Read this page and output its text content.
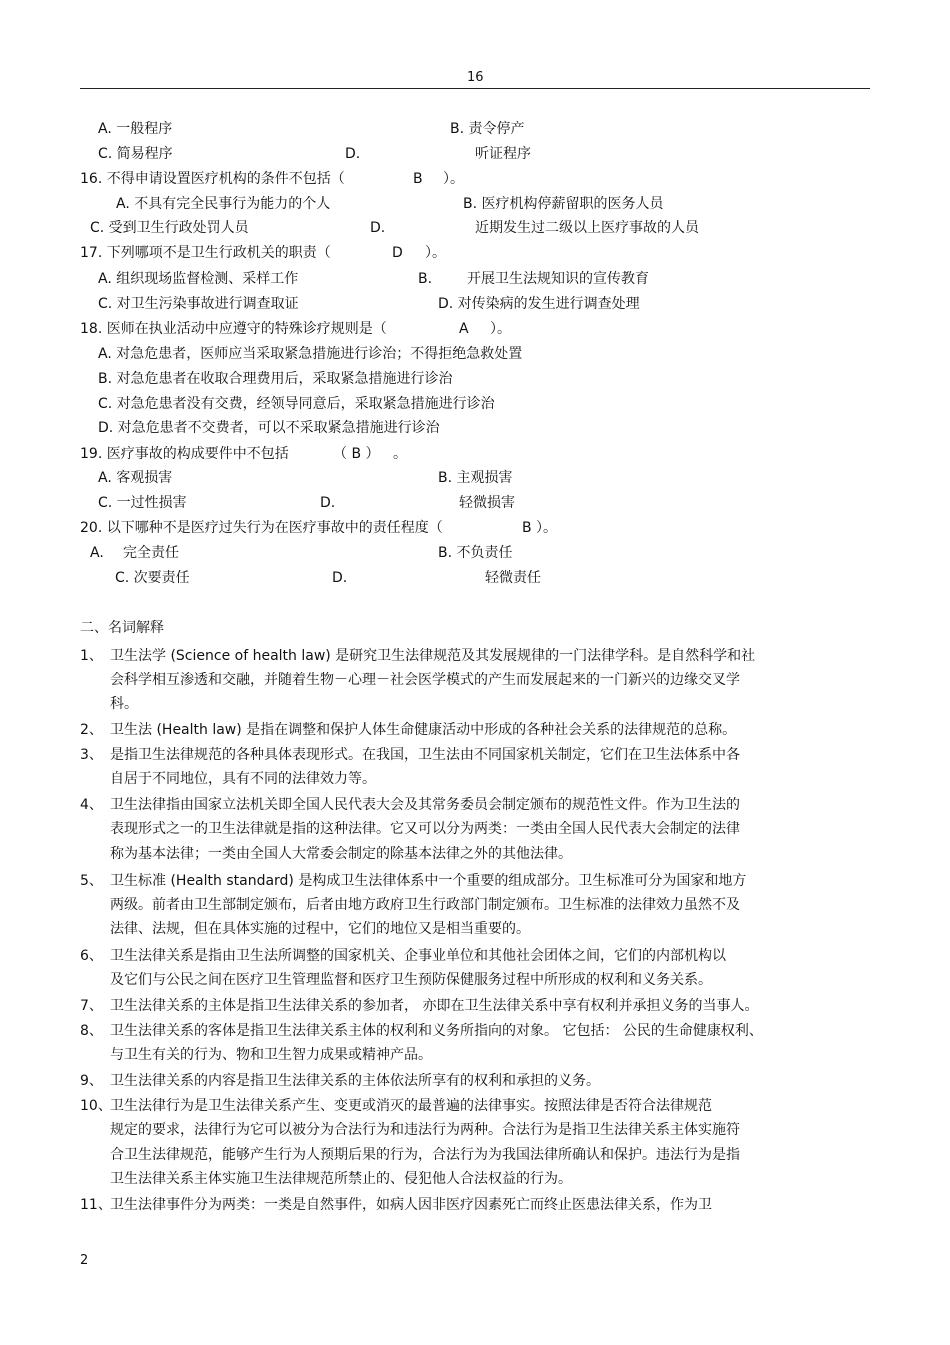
16
A. 一般程序	B. 责令停产
C. 简易程序	D.	听证程序
16. 不得申请设置医疗机构的条件不包括（	B ）。
A. 不具有完全民事行为能力的个人	B. 医疗机构停薪留职的医务人员
C. 受到卫生行政处罚人员	D.	近期发生过二级以上医疗事故的人员
17. 下列哪项不是卫生行政机关的职责（	D ）。
A. 组织现场监督检测、采样工作	B. 开展卫生法规知识的宣传教育
C. 对卫生污染事故进行调查取证	D. 对传染病的发生进行调查处理
18. 医师在执业活动中应遵守的特殊诊疗规则是（	A ）。
A. 对急危患者，医师应当采取紧急措施进行诊治；不得拒绝急救处置
B. 对急危患者在收取合理费用后，采取紧急措施进行诊治
C. 对急危患者没有交费，经领导同意后，采取紧急措施进行诊治
D. 对急危患者不交费者，可以不采取紧急措施进行诊治
19. 医疗事故的构成要件中不包括	（ B ） 。
A. 客观损害	B. 主观损害
C. 一过性损害	D.	轻微损害
20. 以下哪种不是医疗过失行为在医疗事故中的责任程度（	B ）。
A. 完全责任	B. 不负责任
C. 次要责任	D.	轻微责任
二、名词解释
1、 卫生法学 (Science of health law) 是研究卫生法律规范及其发展规律的一门法律学科。是自然科学和社
会科学相互渗透和交融，并随着生物－心理－社会医学模式的产生而发展起来的一门新兴的边缘交叉学
科。
2、 卫生法 (Health law) 是指在调整和保护人体生命健康活动中形成的各种社会关系的法律规范的总称。
3、 是指卫生法律规范的各种具体表现形式。在我国，卫生法由不同国家机关制定，它们在卫生法体系中各
自居于不同地位，具有不同的法律效力等。
4、 卫生法律指由国家立法机关即全国人民代表大会及其常务委员会制定颁布的规范性文件。作为卫生法的
表现形式之一的卫生法律就是指的这种法律。它又可以分为两类：一类由全国人民代表大会制定的法律
称为基本法律；一类由全国人大常委会制定的除基本法律之外的其他法律。
5、 卫生标准 (Health standard) 是构成卫生法律体系中一个重要的组成部分。卫生标准可分为国家和地方
两级。前者由卫生部制定颁布，后者由地方政府卫生行政部门制定颁布。卫生标准的法律效力虽然不及
法律、法规，但在具体实施的过程中，它们的地位又是相当重要的。
6、 卫生法律关系是指由卫生法所调整的国家机关、企事业单位和其他社会团体之间，它们的内部机构以
及它们与公民之间在医疗卫生管理监督和医疗卫生预防保健服务过程中所形成的权利和义务关系。
7、 卫生法律关系的主体是指卫生法律关系的参加者， 亦即在卫生法律关系中享有权利并承担义务的当事人。
8、 卫生法律关系的客体是指卫生法律关系主体的权利和义务所指向的对象。 它包括： 公民的生命健康权利、
与卫生有关的行为、物和卫生智力成果或精神产品。
9、 卫生法律关系的内容是指卫生法律关系的主体依法所享有的权利和承担的义务。
10、
卫生法律行为是卫生法律关系产生、变更或消灭的最普遍的法律事实。按照法律是否符合法律规范
规定的要求，法律行为它可以被分为合法行为和违法行为两种。合法行为是指卫生法律关系主体实施符
合卫生法律规范，能够产生行为人预期后果的行为，合法行为为我国法律所确认和保护。违法行为是指
卫生法律关系主体实施卫生法律规范所禁止的、侵犯他人合法权益的行为。
11、
卫生法律事件分为两类：一类是自然事件，如病人因非医疗因素死亡而终止医患法律关系，作为卫
2
